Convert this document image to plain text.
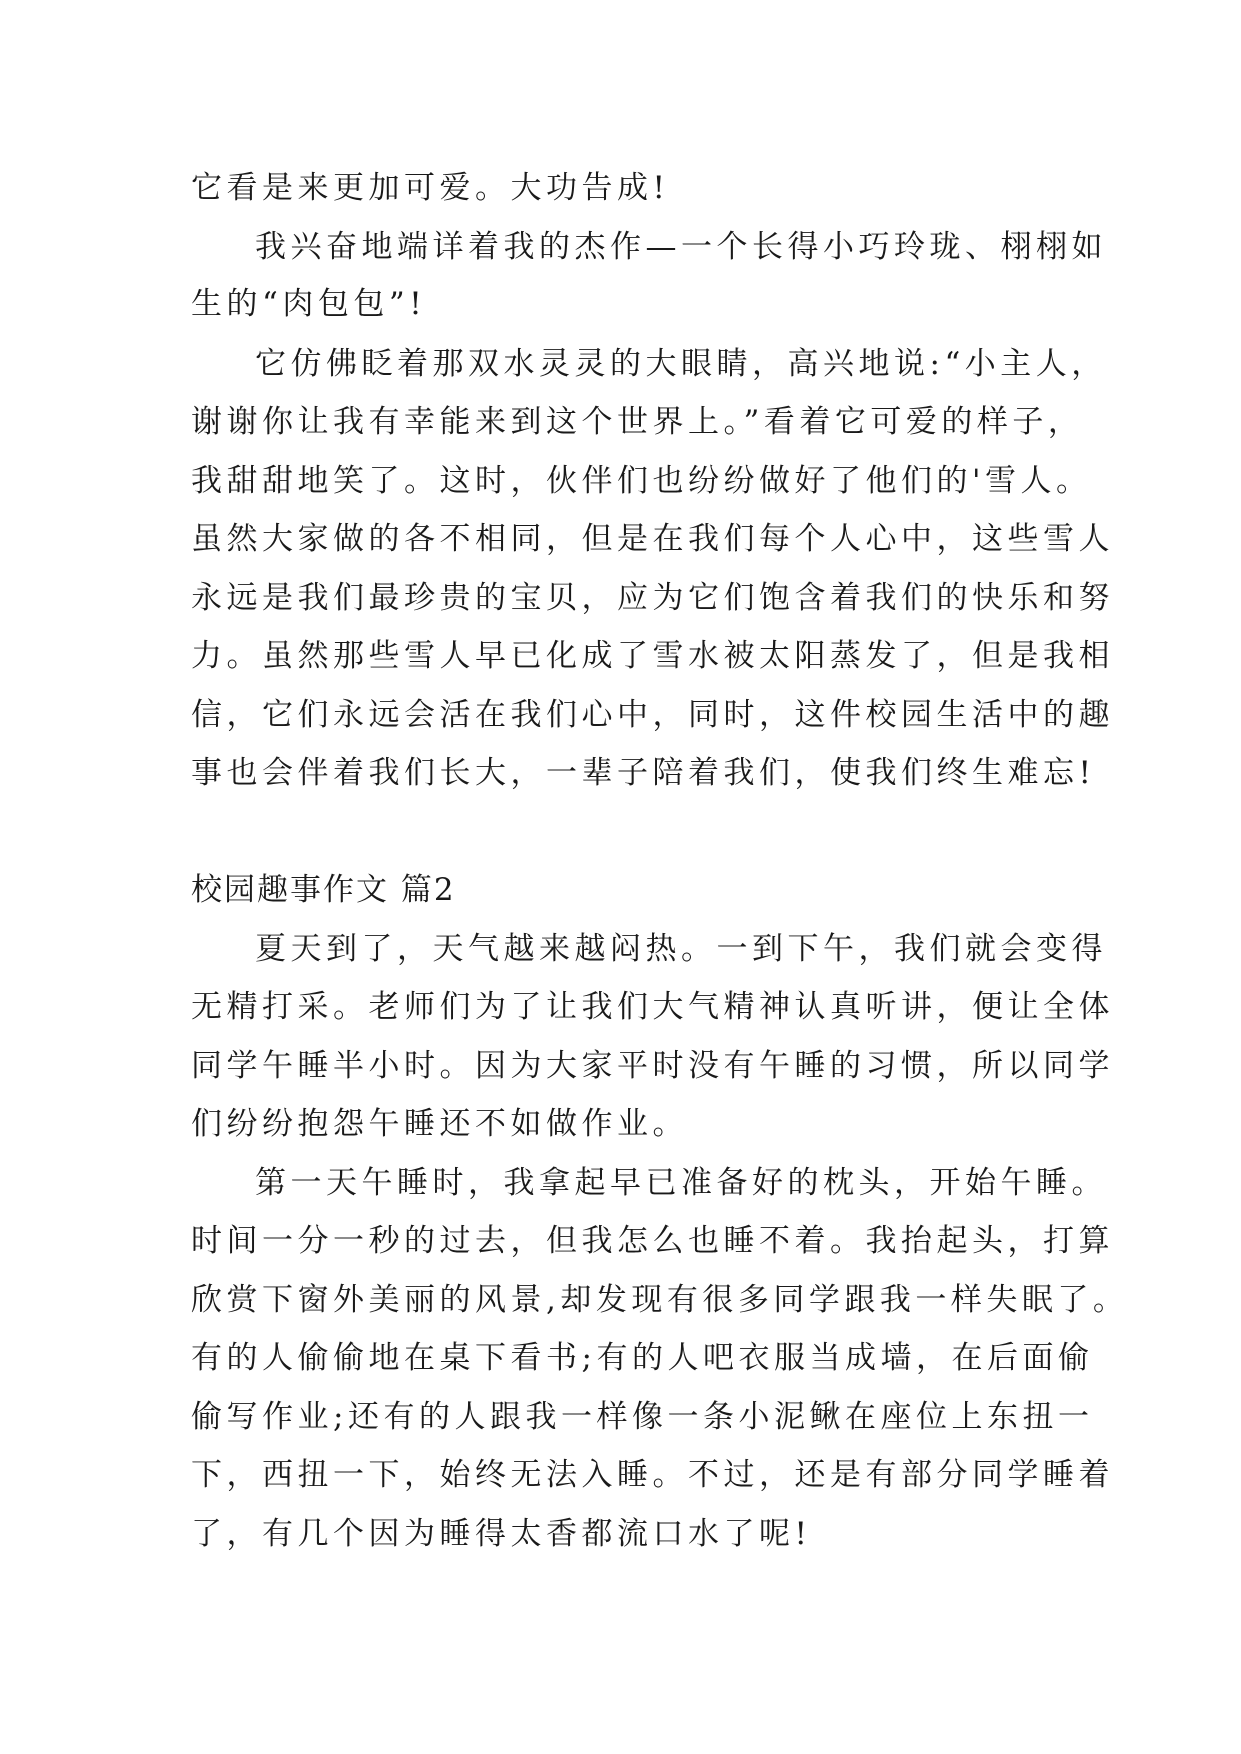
它看是来更加可爱。大功告成!
我兴奋地端详着我的杰作—一个长得小巧玲珑、栩栩如
生的“肉包包”!
它仿佛眨着那双水灵灵的大眼睛，高兴地说:“小主人，
谢谢你让我有幸能来到这个世界上。”看着它可爱的样子，
我甜甜地笑了。这时，伙伴们也纷纷做好了他们的'雪人。
虽然大家做的各不相同，但是在我们每个人心中，这些雪人
永远是我们最珍贵的宝贝，应为它们饱含着我们的快乐和努
力。虽然那些雪人早已化成了雪水被太阳蒸发了，但是我相
信，它们永远会活在我们心中，同时，这件校园生活中的趣
事也会伴着我们长大，一辈子陪着我们，使我们终生难忘!
校园趣事作文 篇2
夏天到了，天气越来越闷热。一到下午，我们就会变得
无精打采。老师们为了让我们大气精神认真听讲，便让全体
同学午睡半小时。因为大家平时没有午睡的习惯，所以同学
们纷纷抱怨午睡还不如做作业。
第一天午睡时，我拿起早已准备好的枕头，开始午睡。
时间一分一秒的过去，但我怎么也睡不着。我抬起头，打算
欣赏下窗外美丽的风景,却发现有很多同学跟我一样失眠了。
有的人偷偷地在桌下看书;有的人吧衣服当成墙，在后面偷
偷写作业;还有的人跟我一样像一条小泥鳅在座位上东扭一
下，西扭一下，始终无法入睡。不过，还是有部分同学睡着
了，有几个因为睡得太香都流口水了呢!
